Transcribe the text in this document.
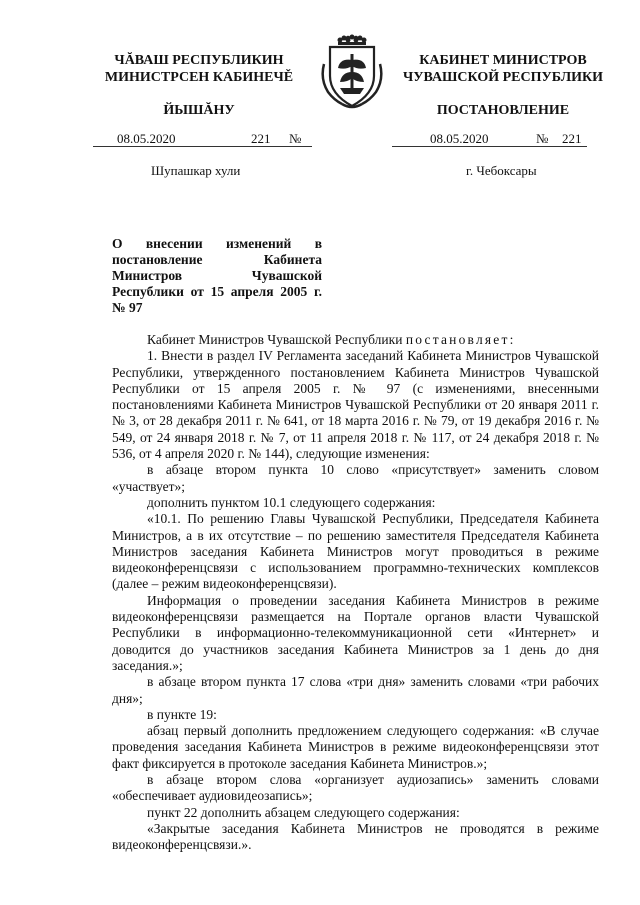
ЧĂВАШ РЕСПУБЛИКИН
МИНИСТРСЕН КАБИНЕЧĚ
ЙЫШĂНУ
КАБИНЕТ МИНИСТРОВ
ЧУВАШСКОЙ РЕСПУБЛИКИ
ПОСТАНОВЛЕНИЕ
08.05.2020	221 №	08.05.2020	№ 221
Шупашкар хули	г. Чебоксары
О внесении изменений в постановление Кабинета Министров Чувашской Республики от 15 апреля 2005 г. № 97

Кабинет Министров Чувашской Республики постановляет:

1. Внести в раздел IV Регламента заседаний Кабинета Министров Чувашской Республики, утвержденного постановлением Кабинета Министров Чувашской Республики от 15 апреля 2005 г. № 97 (с изменениями, внесенными постановлениями Кабинета Министров Чувашской Республики от 20 января 2011 г. № 3, от 28 декабря 2011 г. № 641, от 18 марта 2016 г. № 79, от 19 декабря 2016 г. № 549, от 24 января 2018 г. № 7, от 11 апреля 2018 г. № 117, от 24 декабря 2018 г. № 536, от 4 апреля 2020 г. № 144), следующие изменения:

в абзаце втором пункта 10 слово «присутствует» заменить словом «участвует»;

дополнить пунктом 10.1 следующего содержания:

«10.1. По решению Главы Чувашской Республики, Председателя Кабинета Министров, а в их отсутствие – по решению заместителя Председателя Кабинета Министров заседания Кабинета Министров могут проводиться в режиме видеоконференцсвязи с использованием программно-технических комплексов (далее – режим видеоконференцсвязи).

Информация о проведении заседания Кабинета Министров в режиме видеоконференцсвязи размещается на Портале органов власти Чувашской Республики в информационно-телекоммуникационной сети «Интернет» и доводится до участников заседания Кабинета Министров за 1 день до дня заседания.»;

в абзаце втором пункта 17 слова «три дня» заменить словами «три рабочих дня»;

в пункте 19:

абзац первый дополнить предложением следующего содержания: «В случае проведения заседания Кабинета Министров в режиме видеоконференцсвязи этот факт фиксируется в протоколе заседания Кабинета Министров.»;

в абзаце втором слова «организует аудиозапись» заменить словами «обеспечивает аудиовидеозапись»;

пункт 22 дополнить абзацем следующего содержания:

«Закрытые заседания Кабинета Министров не проводятся в режиме видеоконференцсвязи.».
